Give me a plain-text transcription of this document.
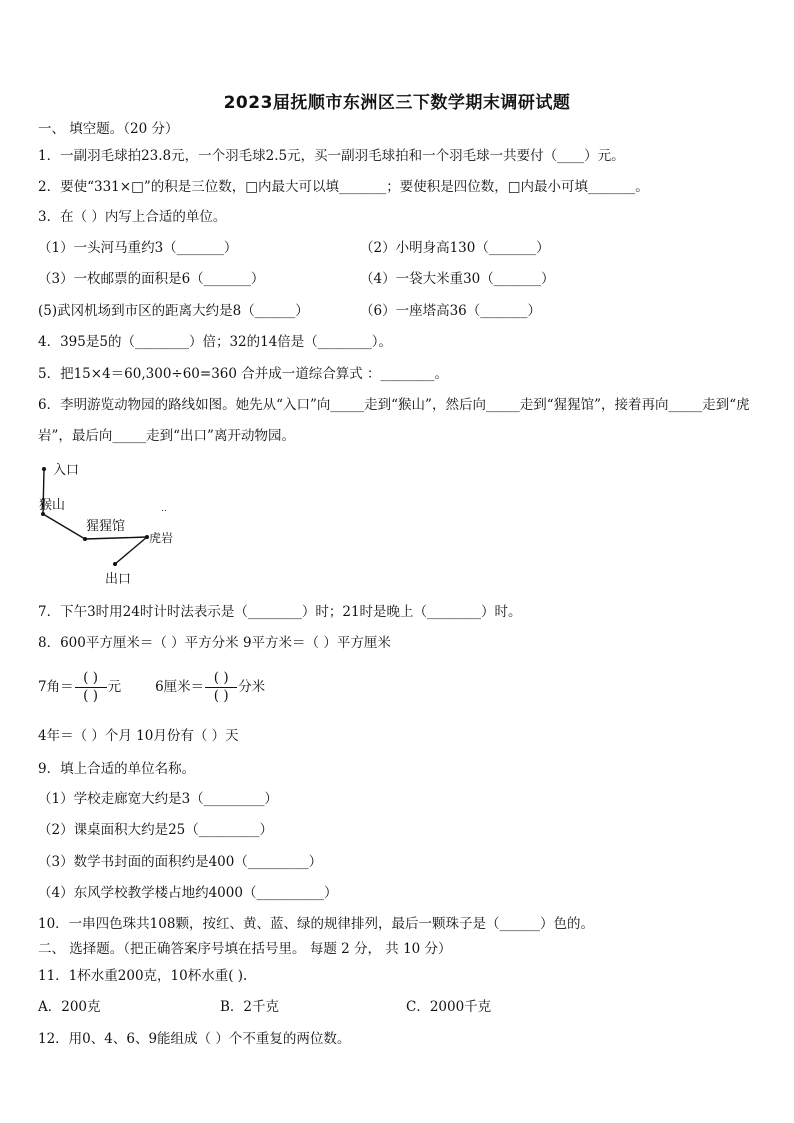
2023届抚顺市东洲区三下数学期末调研试题
一、 填空题。（20 分）
1．一副羽毛球拍23.8元，一个羽毛球2.5元，买一副羽毛球拍和一个羽毛球一共要付（____）元。
2．要使“331×□”的积是三位数，□内最大可以填_______；要使积是四位数，□内最小可填_______。
3．在（ ）内写上合适的单位。
（1）一头河马重约3（_______）	（2）小明身高130（_______）
（3）一枚邮票的面积是6（_______）	（4）一袋大米重30（_______）
(5)武冈机场到市区的距离大约是8（______）	（6）一座塔高36（_______）
4．395是5的（________）倍；32的14倍是（________）。
5．把15×4＝60,300÷60=360 合并成一道综合算式 ：________。
6．李明游览动物园的路线如图。她先从“入口”向_____走到“猴山”，然后向_____走到“猩猩馆”，接着再向_____走到“虎
岩”，最后向_____走到“出口”离开动物园。
入口
猴山
猩猩馆
虎岩
出口
..
7．下午3时用24时计时法表示是（________）时；21时是晚上（________）时。
8．600平方厘米＝（ ）平方分米 9平方米＝（ ）平方厘米
7角＝ $\frac{( )}{( )}$ 元	6厘米＝ $\frac{( )}{( )}$ 分米
4年＝（ ）个月 10月份有（ ）天
9．填上合适的单位名称。
（1）学校走廊宽大约是3（_________）
（2）课桌面积大约是25（_________）
（3）数学书封面的面积约是400（_________）
（4）东风学校教学楼占地约4000（__________）
10．一串四色珠共108颗，按红、黄、蓝、绿的规律排列，最后一颗珠子是（______）色的。
二、 选择题。（把正确答案序号填在括号里。 每题 2 分， 共 10 分）
11．1杯水重200克，10杯水重( ).
A．200克	B．2千克	C．2000千克
12．用0、4、6、9能组成（ ）个不重复的两位数。
